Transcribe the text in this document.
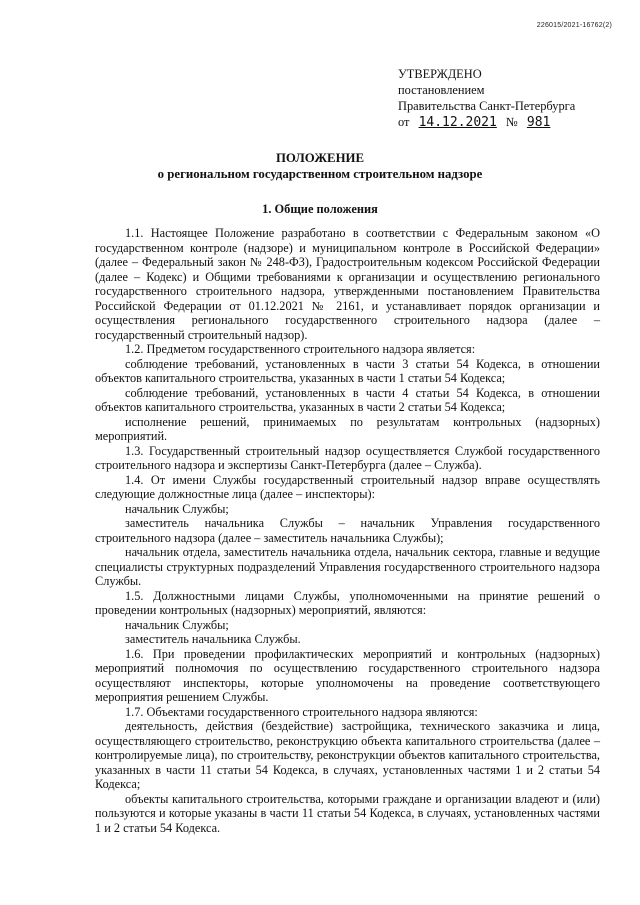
226015/2021-16762(2)
УТВЕРЖДЕНО
постановлением
Правительства Санкт-Петербурга
от 14.12.2021 № 981
ПОЛОЖЕНИЕ
о региональном государственном строительном надзоре
1. Общие положения

1.1. Настоящее Положение разработано в соответствии с Федеральным законом «О государственном контроле (надзоре) и муниципальном контроле в Российской Федерации» (далее – Федеральный закон № 248-ФЗ), Градостроительным кодексом Российской Федерации (далее – Кодекс) и Общими требованиями к организации и осуществлению регионального государственного строительного надзора, утвержденными постановлением Правительства Российской Федерации от 01.12.2021 № 2161, и устанавливает порядок организации и осуществления регионального государственного строительного надзора (далее – государственный строительный надзор).

1.2. Предметом государственного строительного надзора является:

соблюдение требований, установленных в части 3 статьи 54 Кодекса, в отношении объектов капитального строительства, указанных в части 1 статьи 54 Кодекса;

соблюдение требований, установленных в части 4 статьи 54 Кодекса, в отношении объектов капитального строительства, указанных в части 2 статьи 54 Кодекса;

исполнение решений, принимаемых по результатам контрольных (надзорных) мероприятий.

1.3. Государственный строительный надзор осуществляется Службой государственного строительного надзора и экспертизы Санкт-Петербурга (далее – Служба).

1.4. От имени Службы государственный строительный надзор вправе осуществлять следующие должностные лица (далее – инспекторы):

начальник Службы;

заместитель начальника Службы – начальник Управления государственного строительного надзора (далее – заместитель начальника Службы);

начальник отдела, заместитель начальника отдела, начальник сектора, главные и ведущие специалисты структурных подразделений Управления государственного строительного надзора Службы.

1.5. Должностными лицами Службы, уполномоченными на принятие решений о проведении контрольных (надзорных) мероприятий, являются:

начальник Службы;

заместитель начальника Службы.

1.6. При проведении профилактических мероприятий и контрольных (надзорных) мероприятий полномочия по осуществлению государственного строительного надзора осуществляют инспекторы, которые уполномочены на проведение соответствующего мероприятия решением Службы.

1.7. Объектами государственного строительного надзора являются:

деятельность, действия (бездействие) застройщика, технического заказчика и лица, осуществляющего строительство, реконструкцию объекта капитального строительства (далее – контролируемые лица), по строительству, реконструкции объектов капитального строительства, указанных в части 11 статьи 54 Кодекса, в случаях, установленных частями 1 и 2 статьи 54 Кодекса;

объекты капитального строительства, которыми граждане и организации владеют и (или) пользуются и которые указаны в части 11 статьи 54 Кодекса, в случаях, установленных частями 1 и 2 статьи 54 Кодекса.
